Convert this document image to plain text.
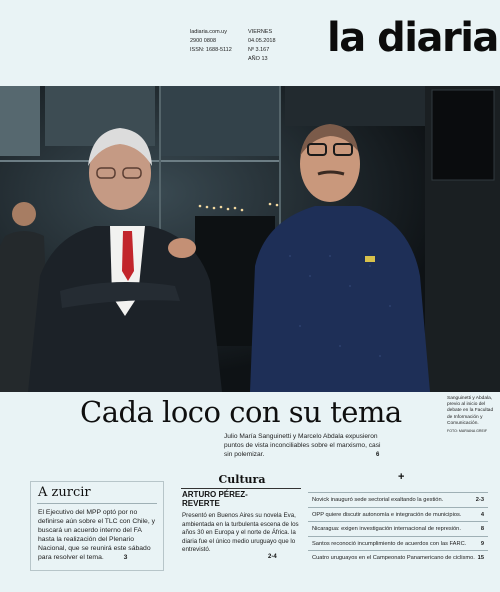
ladiaria.com.uy
2900 0808
ISSN: 1688-5112
VIERNES
04.05.2018
Nº 3.167
AÑO 13 la diaria
Sanguinetti y Abdala, previo al inicio del debate en la Facultad de Información y Comunicación.
FOTO: MARIANA GREIF
Cada loco con su tema
Julio María Sanguinetti y Marcelo Abdala expusieron puntos de vista inconciliables sobre el marxismo, casi sin polemizar.	6
A zurcir

El Ejecutivo del MPP optó por no definirse aún sobre el TLC con Chile, y buscará un acuerdo interno del FA hasta la realización del Plenario Nacional, que se reunirá este sábado para resolver el tema.	3

Cultura
ARTURO PÉREZ-REVERTE
Presentó en Buenos Aires su novela Eva, ambientada en la turbulenta escena de los años 30 en Europa y el norte de África. la diaria fue el único medio uruguayo que lo entrevistó.
2-4
+
Novick inauguró sede sectorial exaltando la gestión.	2-3
OPP quiere discutir autonomía e integración de municipios.	4
Nicaragua: exigen investigación internacional de represión.	8
Santos reconoció incumplimiento de acuerdos con las FARC.	9
Cuatro uruguayos en el Campeonato Panamericano de ciclismo. 15
